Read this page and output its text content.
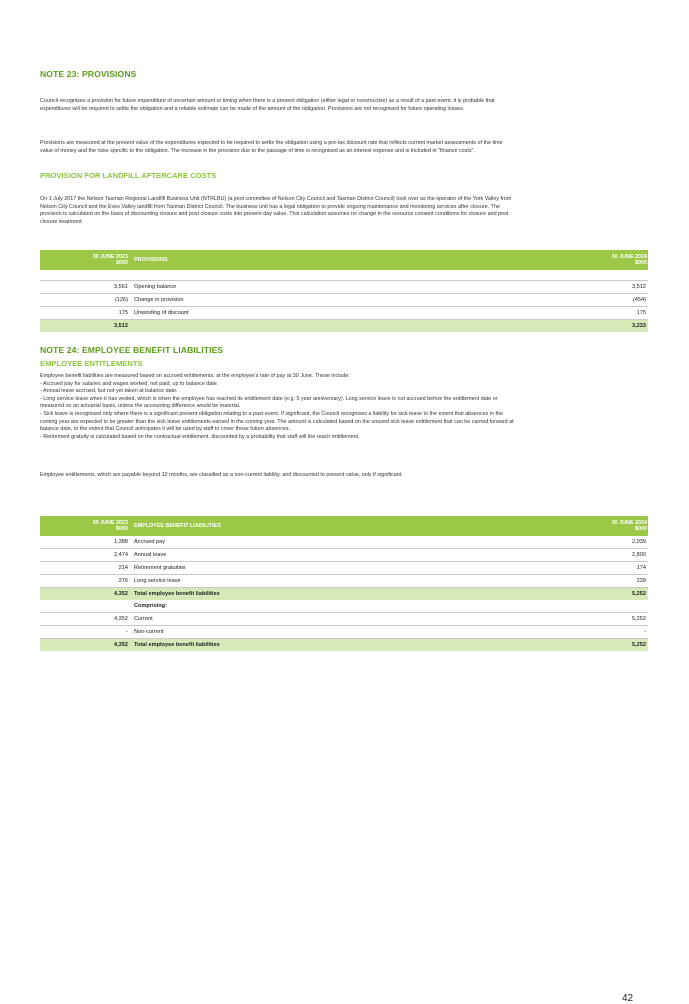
NOTE 23: PROVISIONS

Council recognises a provision for future expenditure of uncertain amount or timing when there is a present obligation (either legal or constructive) as a result of a past event, it is probable that
expenditures will be required to settle the obligation and a reliable estimate can be made of the amount of the obligation. Provisions are not recognised for future operating losses.

Provisions are measured at the present value of the expenditures expected to be required to settle the obligation using a pre-tax discount rate that reflects current market assessments of the time
value of money and the risks specific to the obligation. The increase in the provision due to the passage of time is recognised as an interest expense and is included in "finance costs".

PROVISION FOR LANDFILL AFTERCARE COSTS

On 1 July 2017 the Nelson Tasman Regional Landfill Business Unit (NTRLBU) (a joint committee of Nelson City Council and Tasman District Council) took over as the operator of the York Valley from
Nelson City Council and the Eves Valley landfill from Tasman District Council. The business unit has a legal obligation to provide ongoing maintenance and monitoring services after closure. The
provision is calculated on the basis of discounting closure and post closure costs into present day value. This calculation assumes no change in the resource consent conditions for closure and post
closure treatment.

30 JUNE 2023
$000	PROVISIONS	30 JUNE 2024
$000

3,561	Opening balance	3,512
(126)	Change in provision	(454)
175	Unwinding of discount	175
3,512		3,233
NOTE 24: EMPLOYEE BENEFIT LIABILITIES
EMPLOYEE ENTITLEMENTS

Employee benefit liabilities are measured based on accrued entitlements, at the employee's rate of pay at 30 June. These include:
- Accrued pay for salaries and wages worked, not paid, up to balance date.
- Annual leave accrued, but not yet taken at balance date.
- Long service leave when it has vested, which is when the employee has reached its entitlement date (e.g. 5 year anniversary). Long service leave is not accrued before the entitlement date or
measured on an actuarial basis, unless the accounting difference would be material.
- Sick leave is recognised only where there is a significant present obligation relating to a past event. If significant, the Council recognises a liability for sick leave to the extent that absences in the
coming year are expected to be greater than the sick leave entitlements earned in the coming year. The amount is calculated based on the unused sick leave entitlement that can be carried forward at
balance date, to the extent that Council anticipates it will be used by staff to cover those future absences.
- Retirement gratuity is calculated based on the contractual entitlement, discounted by a probability that staff will the reach entitlement.

Employee entitlements, which are payable beyond 12 months, are classified as a non-current liability, and discounted to present value, only if significant.

30 JUNE 2023
$000	EMPLOYEE BENEFIT LIABILITIES	30 JUNE 2024
$000
1,388	Accrued pay	2,039
2,474	Annual leave	2,800
214	Retirement gratuities	174
276	Long service leave	239
4,352	Total employee benefit liabilities	5,252
	Comprising:	
4,352	Current	5,252
-	Non-current	-
4,352	Total employee benefit liabilities	5,252
42
